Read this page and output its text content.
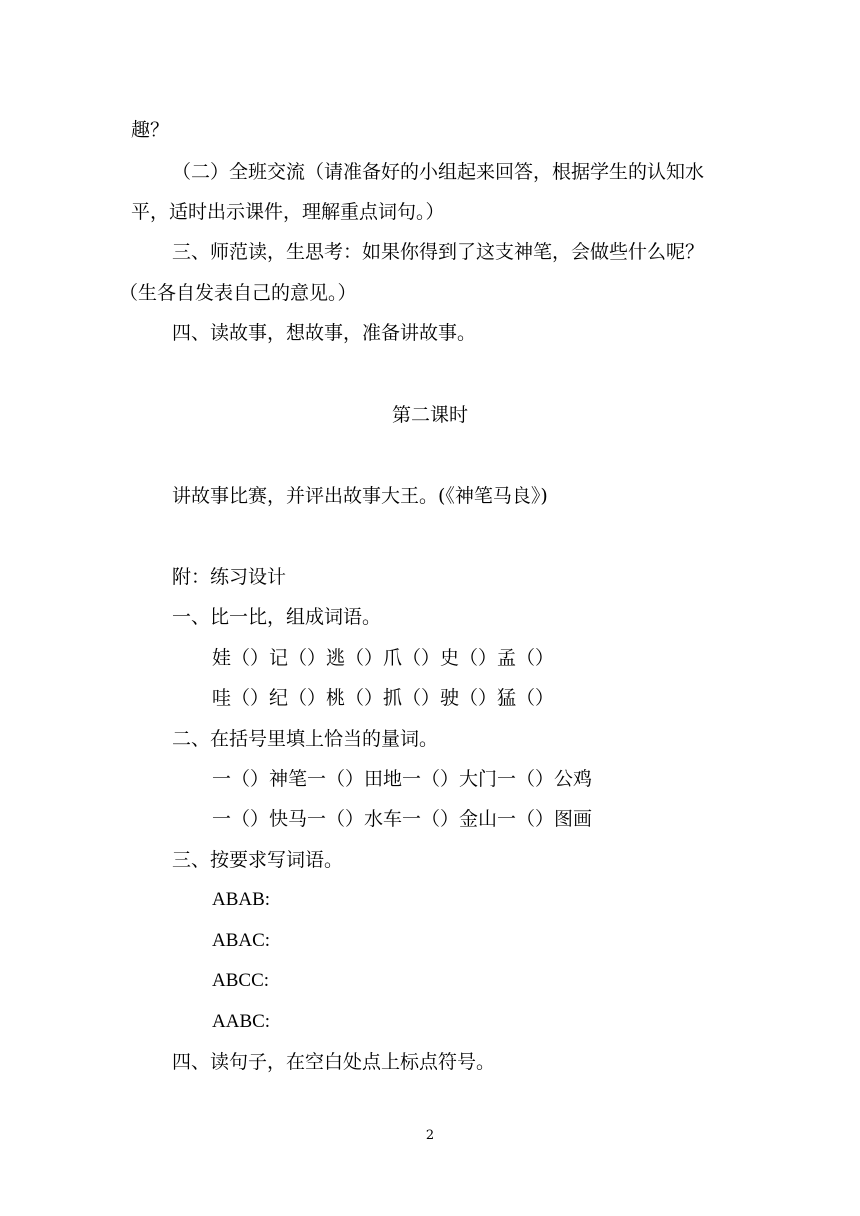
趣？

（二）全班交流（请准备好的小组起来回答，根据学生的认知水

平，适时出示课件，理解重点词句。）

三、师范读，生思考：如果你得到了这支神笔，会做些什么呢？

（生各自发表自己的意见。）

四、读故事，想故事，准备讲故事。

第二课时

讲故事比赛，并评出故事大王。(《神笔马良》)

附：练习设计

一、比一比，组成词语。

娃（）记（）逃（）爪（）史（）孟（）

哇（）纪（）桃（）抓（）驶（）猛（）

二、在括号里填上恰当的量词。

一（）神笔一（）田地一（）大门一（）公鸡

一（）快马一（）水车一（）金山一（）图画

三、按要求写词语。

ABAB:

ABAC:

ABCC:

AABC:

四、读句子，在空白处点上标点符号。

2
